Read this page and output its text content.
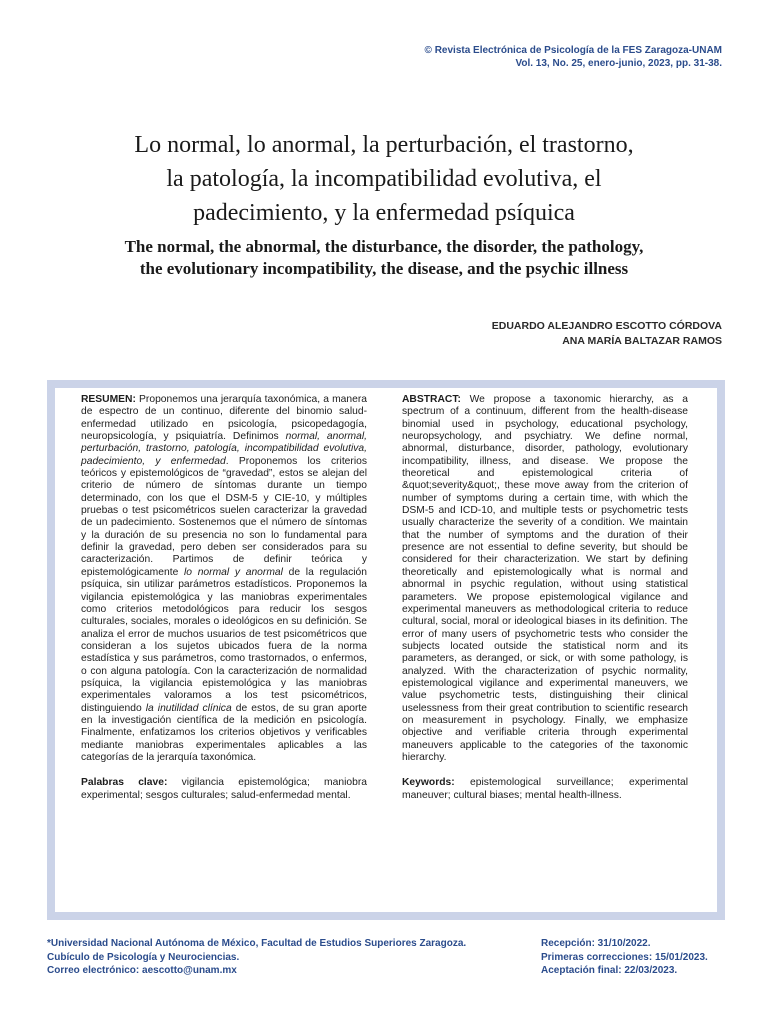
© Revista Electrónica de Psicología de la FES Zaragoza-UNAM
Vol. 13, No. 25, enero-junio, 2023, pp. 31-38.
Lo normal, lo anormal, la perturbación, el trastorno,
la patología, la incompatibilidad evolutiva, el
padecimiento, y la enfermedad psíquica
The normal, the abnormal, the disturbance, the disorder, the pathology,
the evolutionary incompatibility, the disease, and the psychic illness
EDUARDO ALEJANDRO ESCOTTO CÓRDOVA
ANA MARÍA BALTAZAR RAMOS
RESUMEN: Proponemos una jerarquía taxonómica, a manera de espectro de un continuo, diferente del binomio salud-enfermedad utilizado en psicología, psicopedagogía, neuropsicología, y psiquiatría. Definimos normal, anormal, perturbación, trastorno, patología, incompatibilidad evolutiva, padecimiento, y enfermedad. Proponemos los criterios teóricos y epistemológicos de “gravedad”, estos se alejan del criterio de número de síntomas durante un tiempo determinado, con los que el DSM-5 y CIE-10, y múltiples pruebas o test psicométricos suelen caracterizar la gravedad de un padecimiento. Sostenemos que el número de síntomas y la duración de su presencia no son lo fundamental para definir la gravedad, pero deben ser considerados para su caracterización. Partimos de definir teórica y epistemológicamente lo normal y anormal de la regulación psíquica, sin utilizar parámetros estadísticos. Proponemos la vigilancia epistemológica y las maniobras experimentales como criterios metodológicos para reducir los sesgos culturales, sociales, morales o ideológicos en su definición. Se analiza el error de muchos usuarios de test psicométricos que consideran a los sujetos ubicados fuera de la norma estadística y sus parámetros, como trastornados, o enfermos, o con alguna patología. Con la caracterización de normalidad psíquica, la vigilancia epistemológica y las maniobras experimentales valoramos a los test psicométricos, distinguiendo la inutilidad clínica de estos, de su gran aporte en la investigación científica de la medición en psicología. Finalmente, enfatizamos los criterios objetivos y verificables mediante maniobras experimentales aplicables a las categorías de la jerarquía taxonómica.
Palabras clave: vigilancia epistemológica; maniobra experimental; sesgos culturales; salud-enfermedad mental.
ABSTRACT: We propose a taxonomic hierarchy, as a spectrum of a continuum, different from the health-disease binomial used in psychology, educational psychology, neuropsychology, and psychiatry. We define normal, abnormal, disturbance, disorder, pathology, evolutionary incompatibility, illness, and disease. We propose the theoretical and epistemological criteria of &quot;severity&quot;, these move away from the criterion of number of symptoms during a certain time, with which the DSM-5 and ICD-10, and multiple tests or psychometric tests usually characterize the severity of a condition. We maintain that the number of symptoms and the duration of their presence are not essential to define severity, but should be considered for their characterization. We start by defining theoretically and epistemologically what is normal and abnormal in psychic regulation, without using statistical parameters. We propose epistemological vigilance and experimental maneuvers as methodological criteria to reduce cultural, social, moral or ideological biases in its definition. The error of many users of psychometric tests who consider the subjects located outside the statistical norm and its parameters, as deranged, or sick, or with some pathology, is analyzed. With the characterization of psychic normality, epistemological vigilance and experimental maneuvers, we value psychometric tests, distinguishing their clinical uselessness from their great contribution to scientific research on measurement in psychology. Finally, we emphasize objective and verifiable criteria through experimental maneuvers applicable to the categories of the taxonomic hierarchy.
Keywords: epistemological surveillance; experimental maneuver; cultural biases; mental health-illness.
*Universidad Nacional Autónoma de México, Facultad de Estudios Superiores Zaragoza.
Cubículo de Psicología y Neurociencias.
Correo electrónico: aescotto@unam.mx
Recepción: 31/10/2022.
Primeras correcciones: 15/01/2023.
Aceptación final: 22/03/2023.
